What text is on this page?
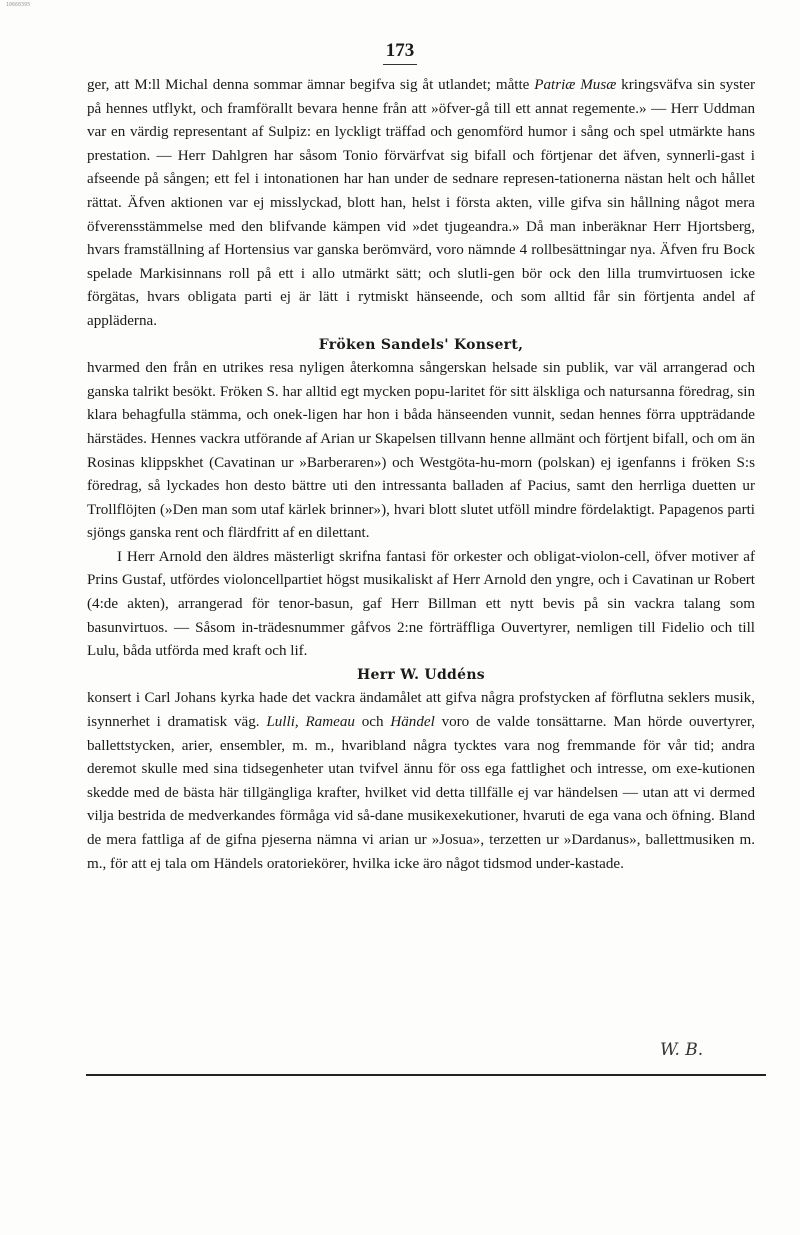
10660395
173

ger, att M:ll Michal denna sommar ämnar begifva sig åt utlandet; måtte Patriæ Musæ kringsväfva sin syster på hennes utflykt, och framförallt bevara henne från att »öfver-gå till ett annat regemente.» — Herr Uddman var en värdig representant af Sulpiz: en lyckligt träffad och genomförd humor i sång och spel utmärkte hans prestation. — Herr Dahlgren har såsom Tonio förvärfvat sig bifall och förtjenar det äfven, synnerli-gast i afseende på sången; ett fel i intonationen har han under de sednare represen-tationerna nästan helt och hållet rättat. Äfven aktionen var ej misslyckad, blott han, helst i första akten, ville gifva sin hållning något mera öfverensstämmelse med den blifvande kämpen vid »det tjugeandra.» Då man inberäknar Herr Hjortsberg, hvars framställning af Hortensius var ganska berömvärd, voro nämnde 4 rollbesättningar nya. Äfven fru Bock spelade Markisinnans roll på ett i allo utmärkt sätt; och slutli-gen bör ock den lilla trumvirtuosen icke förgätas, hvars obligata parti ej är lätt i rytmiskt hänseende, och som alltid får sin förtjenta andel af appläderna.

Fröken Sandels' Konsert,

hvarmed den från en utrikes resa nyligen återkomna sångerskan helsade sin publik, var väl arrangerad och ganska talrikt besökt. Fröken S. har alltid egt mycken popu-laritet för sitt älskliga och natursanna föredrag, sin klara behagfulla stämma, och onek-ligen har hon i båda hänseenden vunnit, sedan hennes förra uppträdande härstädes. Hennes vackra utförande af Arian ur Skapelsen tillvann henne allmänt och förtjent bifall, och om än Rosinas klippskhet (Cavatinan ur »Barberaren») och Westgöta-hu-morn (polskan) ej igenfanns i fröken S:s föredrag, så lyckades hon desto bättre uti den intressanta balladen af Pacius, samt den herrliga duetten ur Trollflöjten (»Den man som utaf kärlek brinner»), hvari blott slutet utföll mindre fördelaktigt. Papagenos parti sjöngs ganska rent och flärdfritt af en dilettant.

I Herr Arnold den äldres mästerligt skrifna fantasi för orkester och obligat-violon-cell, öfver motiver af Prins Gustaf, utfördes violoncellpartiet högst musikaliskt af Herr Arnold den yngre, och i Cavatinan ur Robert (4:de akten), arrangerad för tenor-basun, gaf Herr Billman ett nytt bevis på sin vackra talang som basunvirtuos. — Såsom in-trädesnummer gåfvos 2:ne förträffliga Ouvertyrer, nemligen till Fidelio och till Lulu, båda utförda med kraft och lif.

Herr W. Uddéns

konsert i Carl Johans kyrka hade det vackra ändamålet att gifva några profstycken af förflutna seklers musik, isynnerhet i dramatisk väg. Lulli, Rameau och Händel voro de valde tonsättarne. Man hörde ouvertyrer, ballettstycken, arier, ensembler, m. m., hvaribland några tycktes vara nog fremmande för vår tid; andra deremot skulle med sina tidsegenheter utan tvifvel ännu för oss ega fattlighet och intresse, om exe-kutionen skedde med de bästa här tillgängliga krafter, hvilket vid detta tillfälle ej var händelsen — utan att vi dermed vilja bestrida de medverkandes förmåga vid så-dane musikexekutioner, hvaruti de ega vana och öfning. Bland de mera fattliga af de gifna pjeserna nämna vi arian ur »Josua», terzetten ur »Dardanus», ballettmusiken m. m., för att ej tala om Händels oratoriekörer, hvilka icke äro något tidsmod under-kastade.

W. B.
